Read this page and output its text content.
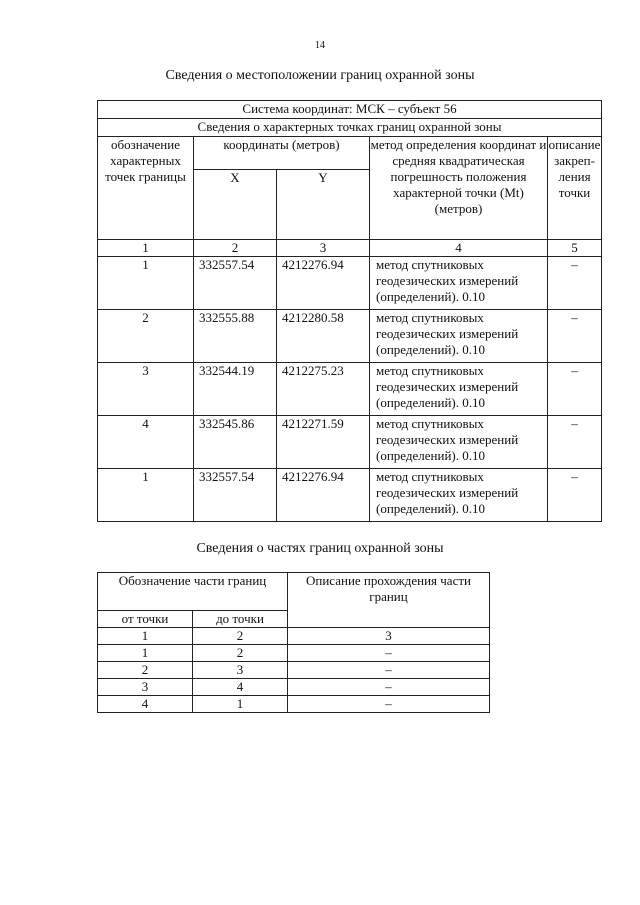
14
Сведения о местоположении границ охранной зоны
Система координат: МСК – субъект 56				
Сведения о характерных точках границ охранной зоны				
обозначение характерных точек границы	координаты (метров)		метод определения координат и средняя квадратическая погрешность положения характерной точки (Mt) (метров)	описание закреп-ления точки
	X	Y		
1	2	3	4	5
1	332557.54	4212276.94	метод спутниковых геодезических измерений (определений). 0.10	–
2	332555.88	4212280.58	метод спутниковых геодезических измерений (определений). 0.10	–
3	332544.19	4212275.23	метод спутниковых геодезических измерений (определений). 0.10	–
4	332545.86	4212271.59	метод спутниковых геодезических измерений (определений). 0.10	–
1	332557.54	4212276.94	метод спутниковых геодезических измерений (определений). 0.10	–
Сведения о частях границ охранной зоны
Обозначение части границ		Описание прохождения части границ
от точки	до точки	
1	2	3
1	2	–
2	3	–
3	4	–
4	1	–
